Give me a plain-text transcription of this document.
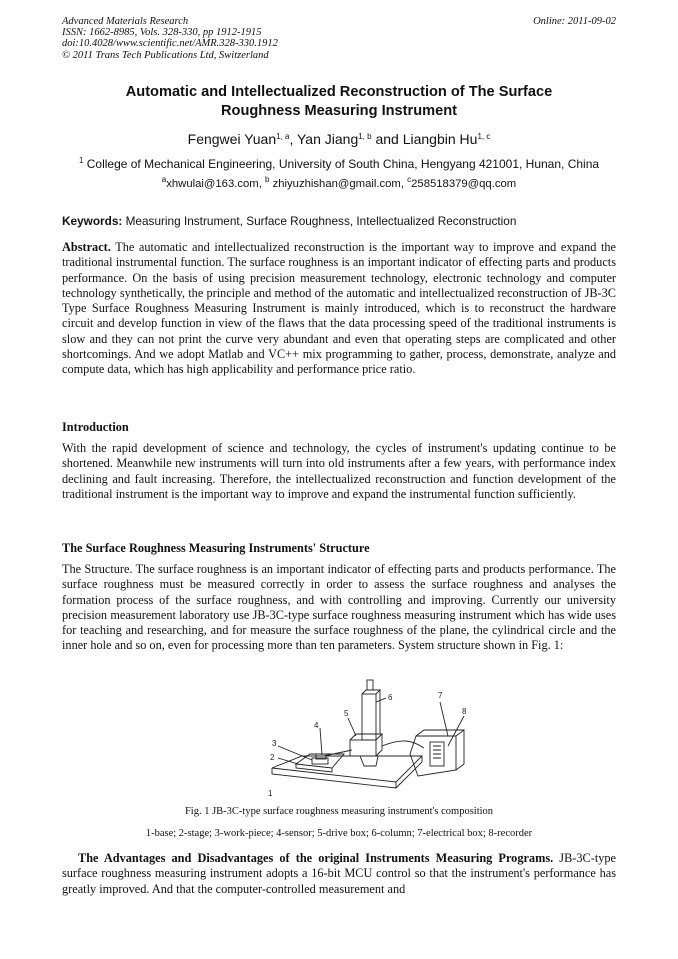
Advanced Materials Research
ISSN: 1662-8985, Vols. 328-330, pp 1912-1915
doi:10.4028/www.scientific.net/AMR.328-330.1912
© 2011 Trans Tech Publications Ltd, Switzerland
Online: 2011-09-02
Automatic and Intellectualized Reconstruction of The Surface
Roughness Measuring Instrument
Fengwei Yuan$^{1, a}$, Yan Jiang$^{1, b}$ and Liangbin Hu$^{1, c}$
$^1$ College of Mechanical Engineering, University of South China, Hengyang 421001, Hunan, China
$^a$xhwulai@163.com, $^b$ zhiyuzhishan@gmail.com, $^c$258518379@qq.com
Keywords: Measuring Instrument, Surface Roughness, Intellectualized Reconstruction
Abstract. The automatic and intellectualized reconstruction is the important way to improve and expand the traditional instrumental function. The surface roughness is an important indicator of effecting parts and products performance. On the basis of using precision measurement technology, electronic technology and computer technology synthetically, the principle and method of the automatic and intellectualized reconstruction of JB-3C Type Surface Roughness Measuring Instrument is mainly introduced, which is to reconstruct the hardware circuit and develop function in view of the flaws that the data processing speed of the traditional instruments is slow and they can not print the curve very abundant and even that operating steps are complicated and other shortcomings. And we adopt Matlab and VC++ mix programming to gather, process, demonstrate, analyze and compute data, which has high applicability and performance price ratio.
Introduction
With the rapid development of science and technology, the cycles of instrument's updating continue to be shortened. Meanwhile new instruments will turn into old instruments after a few years, with performance index declining and fault increasing. Therefore, the intellectualized reconstruction and function development of the traditional instrument is the important way to improve and expand the instrumental function sufficiently.
The Surface Roughness Measuring Instruments' Structure
The Structure. The surface roughness is an important indicator of effecting parts and products performance. The surface roughness must be measured correctly in order to assess the surface roughness and analyses the formation process of the surface roughness, and with controlling and improving. Currently our university precision measurement laboratory use JB-3C-type surface roughness measuring instrument which has wide uses for teaching and researching, and for measure the surface roughness of the plane, the cylindrical circle and the inner hole and so on, even for processing more than ten parameters. System structure shown in Fig. 1:
1
2
3
4
5
6	7
8
Fig. 1 JB-3C-type surface roughness measuring instrument's composition
1-base; 2-stage; 3-work-piece; 4-sensor; 5-drive box; 6-column; 7-electrical box; 8-recorder
The Advantages and Disadvantages of the original Instruments Measuring Programs. JB-3C-type surface roughness measuring instrument adopts a 16-bit MCU control so that the instrument's performance has greatly improved. And that the computer-controlled measurement and
